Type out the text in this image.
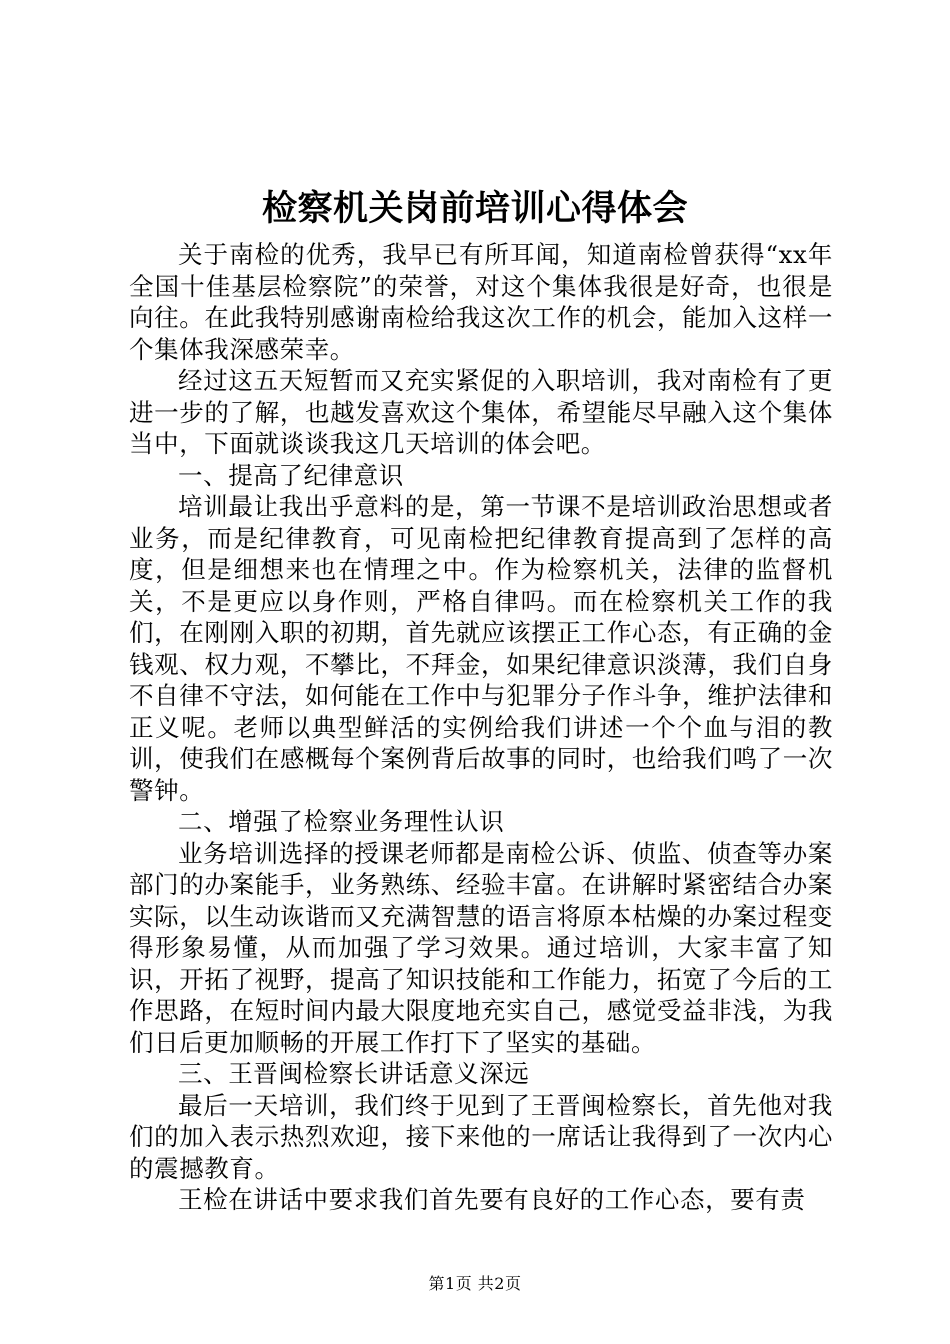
检察机关岗前培训心得体会

关于南检的优秀，我早已有所耳闻，知道南检曾获得“xx年全国十佳基层检察院”的荣誉，对这个集体我很是好奇，也很是向往。在此我特别感谢南检给我这次工作的机会，能加入这样一个集体我深感荣幸。

经过这五天短暂而又充实紧促的入职培训，我对南检有了更进一步的了解，也越发喜欢这个集体，希望能尽早融入这个集体当中，下面就谈谈我这几天培训的体会吧。

一、提高了纪律意识

培训最让我出乎意料的是，第一节课不是培训政治思想或者业务，而是纪律教育，可见南检把纪律教育提高到了怎样的高度，但是细想来也在情理之中。作为检察机关，法律的监督机关，不是更应以身作则，严格自律吗。而在检察机关工作的我们，在刚刚入职的初期，首先就应该摆正工作心态，有正确的金钱观、权力观，不攀比，不拜金，如果纪律意识淡薄，我们自身不自律不守法，如何能在工作中与犯罪分子作斗争，维护法律和正义呢。老师以典型鲜活的实例给我们讲述一个个血与泪的教训，使我们在感概每个案例背后故事的同时，也给我们鸣了一次警钟。

二、增强了检察业务理性认识

业务培训选择的授课老师都是南检公诉、侦监、侦查等办案部门的办案能手，业务熟练、经验丰富。在讲解时紧密结合办案实际，以生动诙谐而又充满智慧的语言将原本枯燥的办案过程变得形象易懂，从而加强了学习效果。通过培训，大家丰富了知识，开拓了视野，提高了知识技能和工作能力，拓宽了今后的工作思路，在短时间内最大限度地充实自己，感觉受益非浅，为我们日后更加顺畅的开展工作打下了坚实的基础。

三、王晋闽检察长讲话意义深远

最后一天培训，我们终于见到了王晋闽检察长，首先他对我们的加入表示热烈欢迎，接下来他的一席话让我得到了一次内心的震撼教育。

王检在讲话中要求我们首先要有良好的工作心态，要有责

第1页 共2页
